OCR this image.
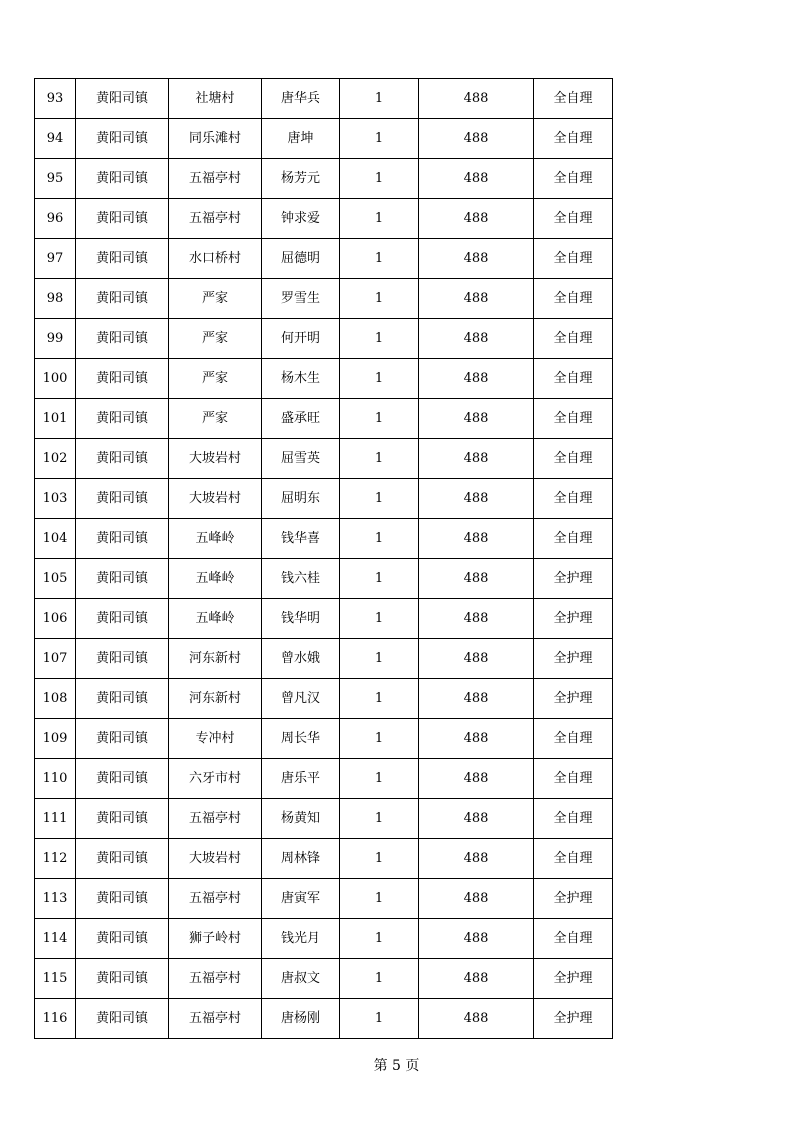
93	黄阳司镇	社塘村	唐华兵	1	488	全自理
94	黄阳司镇	同乐滩村	唐坤	1	488	全自理
95	黄阳司镇	五福亭村	杨芳元	1	488	全自理
96	黄阳司镇	五福亭村	钟求爱	1	488	全自理
97	黄阳司镇	水口桥村	屈德明	1	488	全自理
98	黄阳司镇	严家	罗雪生	1	488	全自理
99	黄阳司镇	严家	何开明	1	488	全自理
100	黄阳司镇	严家	杨木生	1	488	全自理
101	黄阳司镇	严家	盛承旺	1	488	全自理
102	黄阳司镇	大坡岩村	屈雪英	1	488	全自理
103	黄阳司镇	大坡岩村	屈明东	1	488	全自理
104	黄阳司镇	五峰岭	钱华喜	1	488	全自理
105	黄阳司镇	五峰岭	钱六桂	1	488	全护理
106	黄阳司镇	五峰岭	钱华明	1	488	全护理
107	黄阳司镇	河东新村	曾水娥	1	488	全护理
108	黄阳司镇	河东新村	曾凡汉	1	488	全护理
109	黄阳司镇	专冲村	周长华	1	488	全自理
110	黄阳司镇	六牙市村	唐乐平	1	488	全自理
111	黄阳司镇	五福亭村	杨黄知	1	488	全自理
112	黄阳司镇	大坡岩村	周林锋	1	488	全自理
113	黄阳司镇	五福亭村	唐寅军	1	488	全护理
114	黄阳司镇	狮子岭村	钱光月	1	488	全自理
115	黄阳司镇	五福亭村	唐叔文	1	488	全护理
116	黄阳司镇	五福亭村	唐杨刚	1	488	全护理
第 5 页
